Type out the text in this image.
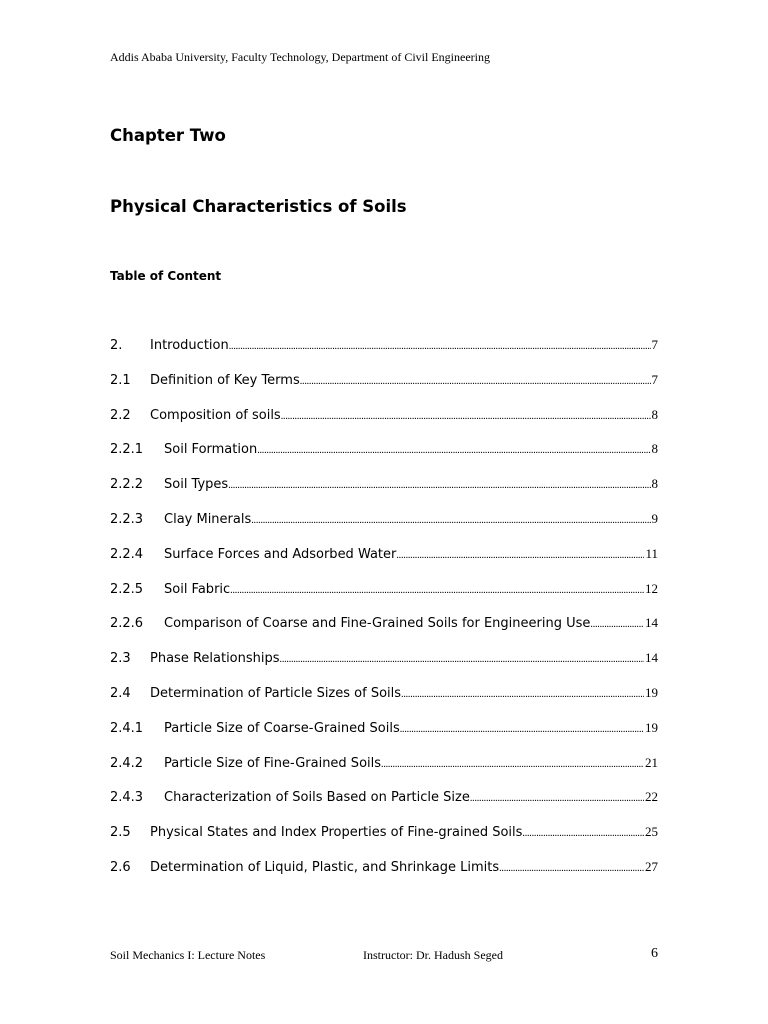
Addis Ababa University, Faculty Technology, Department of Civil Engineering
Chapter Two
Physical Characteristics of Soils
Table of Content
2.	Introduction .....	7
2.1	Definition of Key Terms .....	7
2.2	Composition of soils .....	8
2.2.1	Soil Formation .....	8
2.2.2	Soil Types .....	8
2.2.3	Clay Minerals .....	9
2.2.4	Surface Forces and Adsorbed Water .....	11
2.2.5	Soil Fabric .....	12
2.2.6	Comparison of Coarse and Fine-Grained Soils for Engineering Use .....	14
2.3	Phase Relationships .....	14
2.4	Determination of Particle Sizes of Soils .....	19
2.4.1	Particle Size of Coarse-Grained Soils .....	19
2.4.2	Particle Size of Fine-Grained Soils .....	21
2.4.3	Characterization of Soils Based on Particle Size .....	22
2.5	Physical States and Index Properties of Fine-grained Soils .....	25
2.6	Determination of Liquid, Plastic, and Shrinkage Limits .....	27
Soil Mechanics I: Lecture Notes	Instructor: Dr. Hadush Seged	6
